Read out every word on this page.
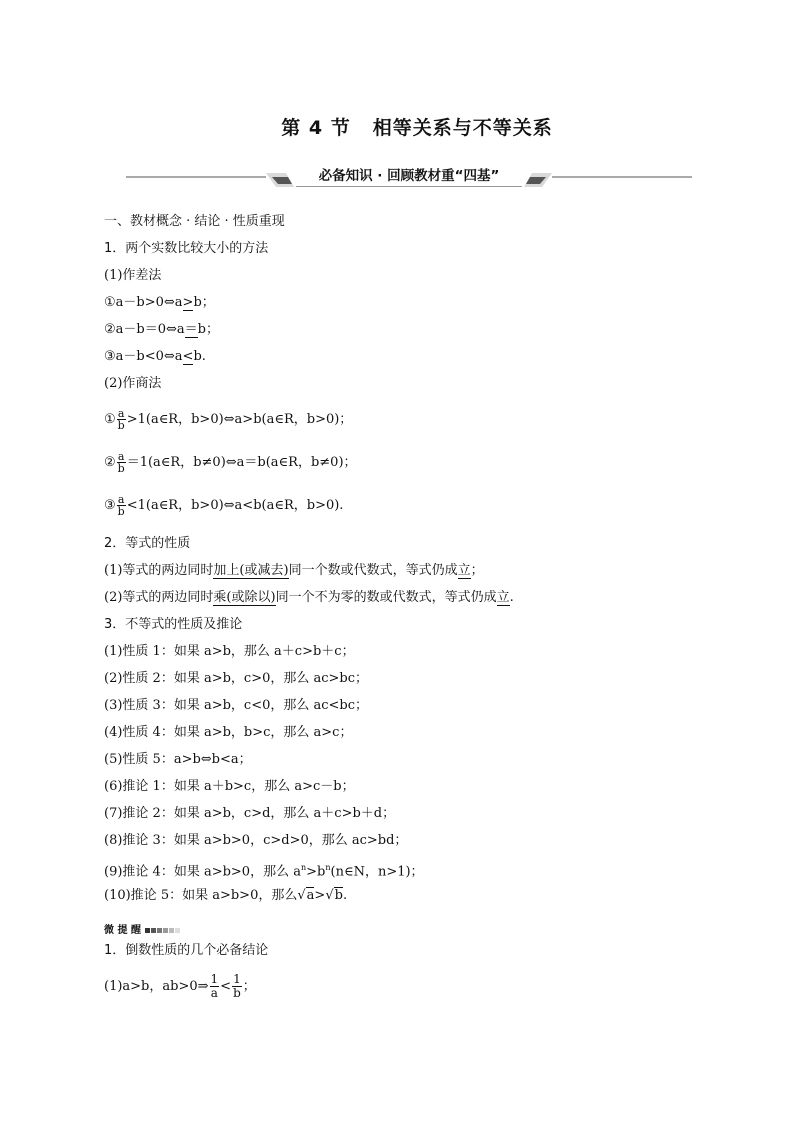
第 4 节 相等关系与不等关系
必备知识 · 回顾教材重“四基”
一、教材概念 · 结论 · 性质重现
1．两个实数比较大小的方法
(1)作差法
①a－b>0⇔a>b；
②a－b＝0⇔a＝b；
③a－b<0⇔a<b.
(2)作商法
① $\frac{a}{b}$ >1(a∈R，b>0)⇔a>b(a∈R，b>0)；
② $\frac{a}{b}$ ＝1(a∈R，b≠0)⇔a＝b(a∈R，b≠0)；
③ $\frac{a}{b}$ <1(a∈R，b>0)⇔a<b(a∈R，b>0).
2．等式的性质
(1)等式的两边同时加上(或减去)同一个数或代数式，等式仍成立；
(2)等式的两边同时乘(或除以)同一个不为零的数或代数式，等式仍成立.
3．不等式的性质及推论
(1)性质 1：如果 a>b，那么 a＋c>b＋c；
(2)性质 2：如果 a>b，c>0，那么 ac>bc；
(3)性质 3：如果 a>b，c<0，那么 ac<bc；
(4)性质 4：如果 a>b，b>c，那么 a>c；
(5)性质 5：a>b⇔b<a；
(6)推论 1：如果 a＋b>c，那么 a>c－b；
(7)推论 2：如果 a>b，c>d，那么 a＋c>b＋d；
(8)推论 3：如果 a>b>0，c>d>0，那么 ac>bd；
(9)推论 4：如果 a>b>0，那么 $a^n>b^n(n\in N$，n>1)；
(10)推论 5：如果 a>b>0，那么√a>√b.
微 提 醒
1．倒数性质的几个必备结论
(1)a>b，ab>0⇒ $\frac{1}{a} < \frac{1}{b}$ ；
